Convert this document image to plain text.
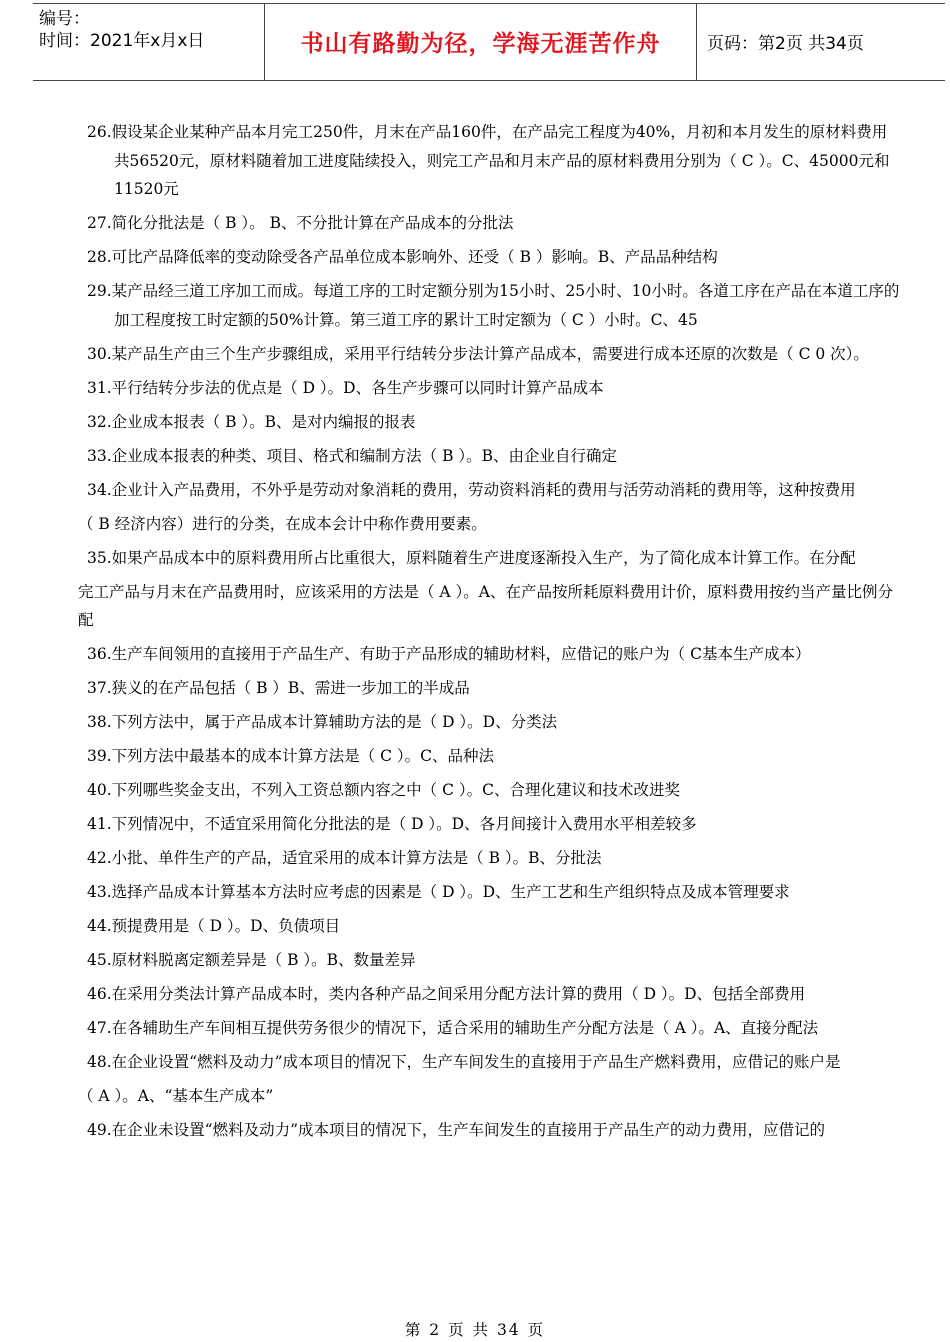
编号：
时间：2021年x月x日	书山有路勤为径，学海无涯苦作舟	页码：第2页 共34页

26.假设某企业某种产品本月完工250件，月末在产品160件，在产品完工程度为40%，月初和本月发生的原材料费用共56520元，原材料随着加工进度陆续投入，则完工产品和月末产品的原材料费用分别为（ C ）。C、45000元和11520元

27.简化分批法是（ B ）。 B、不分批计算在产品成本的分批法

28.可比产品降低率的变动除受各产品单位成本影响外、还受（ B ）影响。B、产品品种结构

29.某产品经三道工序加工而成。每道工序的工时定额分别为15小时、25小时、10小时。各道工序在产品在本道工序的加工程度按工时定额的50%计算。第三道工序的累计工时定额为（ C ）小时。C、45

30.某产品生产由三个生产步骤组成，采用平行结转分步法计算产品成本，需要进行成本还原的次数是（ C 0 次）。

31.平行结转分步法的优点是（ D ）。D、各生产步骤可以同时计算产品成本

32.企业成本报表（ B ）。B、是对内编报的报表

33.企业成本报表的种类、项目、格式和编制方法（ B ）。B、由企业自行确定

34.企业计入产品费用，不外乎是劳动对象消耗的费用，劳动资料消耗的费用与活劳动消耗的费用等，这种按费用

（ B 经济内容）进行的分类，在成本会计中称作费用要素。

35.如果产品成本中的原料费用所占比重很大，原料随着生产进度逐渐投入生产，为了简化成本计算工作。在分配

完工产品与月末在产品费用时，应该采用的方法是（ A ）。A、在产品按所耗原料费用计价，原料费用按约当产量比例分配

36.生产车间领用的直接用于产品生产、有助于产品形成的辅助材料，应借记的账户为（ C基本生产成本）

37.狭义的在产品包括（ B ）B、需进一步加工的半成品

38.下列方法中，属于产品成本计算辅助方法的是（ D ）。D、分类法

39.下列方法中最基本的成本计算方法是（ C ）。C、品种法

40.下列哪些奖金支出，不列入工资总额内容之中（ C ）。C、合理化建议和技术改进奖

41.下列情况中，不适宜采用简化分批法的是（ D ）。D、各月间接计入费用水平相差较多

42.小批、单件生产的产品，适宜采用的成本计算方法是（ B ）。B、分批法

43.选择产品成本计算基本方法时应考虑的因素是（ D ）。D、生产工艺和生产组织特点及成本管理要求

44.预提费用是（ D ）。D、负债项目

45.原材料脱离定额差异是（ B ）。B、数量差异

46.在采用分类法计算产品成本时，类内各种产品之间采用分配方法计算的费用（ D ）。D、包括全部费用

47.在各辅助生产车间相互提供劳务很少的情况下，适合采用的辅助生产分配方法是（ A ）。A、直接分配法

48.在企业设置“燃料及动力”成本项目的情况下，生产车间发生的直接用于产品生产燃料费用，应借记的账户是

（ A ）。A、“基本生产成本”

49.在企业未设置“燃料及动力”成本项目的情况下，生产车间发生的直接用于产品生产的动力费用，应借记的

第 2 页 共 34 页
